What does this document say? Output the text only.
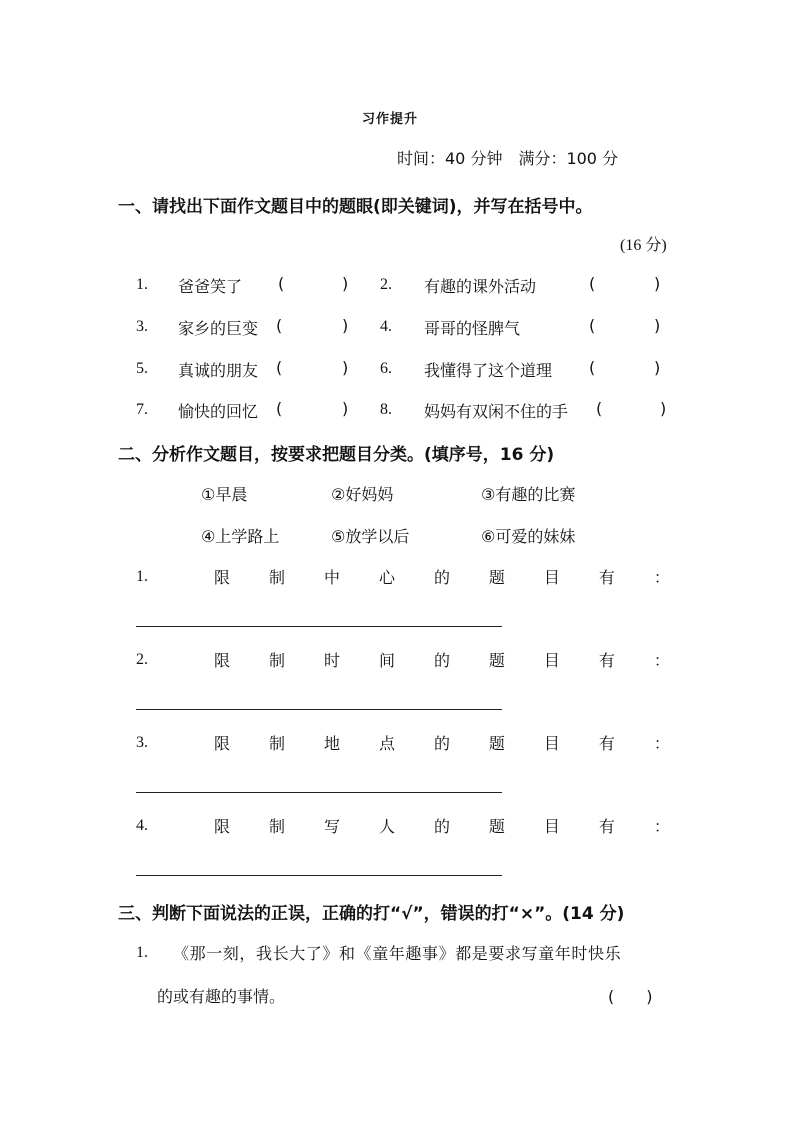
习作提升
时间：40 分钟　满分：100 分
一、请找出下面作文题目中的题眼(即关键词)，并写在括号中。
(16 分)
1. 爸爸笑了 (	) 2. 有趣的课外活动	(	)
3. 家乡的巨变 (	) 4. 哥哥的怪脾气	(	)
5. 真诚的朋友 (	) 6. 我懂得了这个道理 (	)
7. 愉快的回忆 (	) 8. 妈妈有双闲不住的手 (	)
二、分析作文题目，按要求把题目分类。(填序号，16 分)
①早晨	②好妈妈	③有趣的比赛
④上学路上	⑤放学以后	⑥可爱的妹妹
1.	限 制 中 心 的 题 目 有 ：
2.	限 制 时 间 的 题 目 有 ：
3.	限 制 地 点 的 题 目 有 ：
4.	限 制 写 人 的 题 目 有 ：
三、判断下面说法的正误，正确的打“√”，错误的打“×”。(14 分)
1. 《那一刻，我长大了》和《童年趣事》都是要求写童年时快乐
的或有趣的事情。	(　　)
